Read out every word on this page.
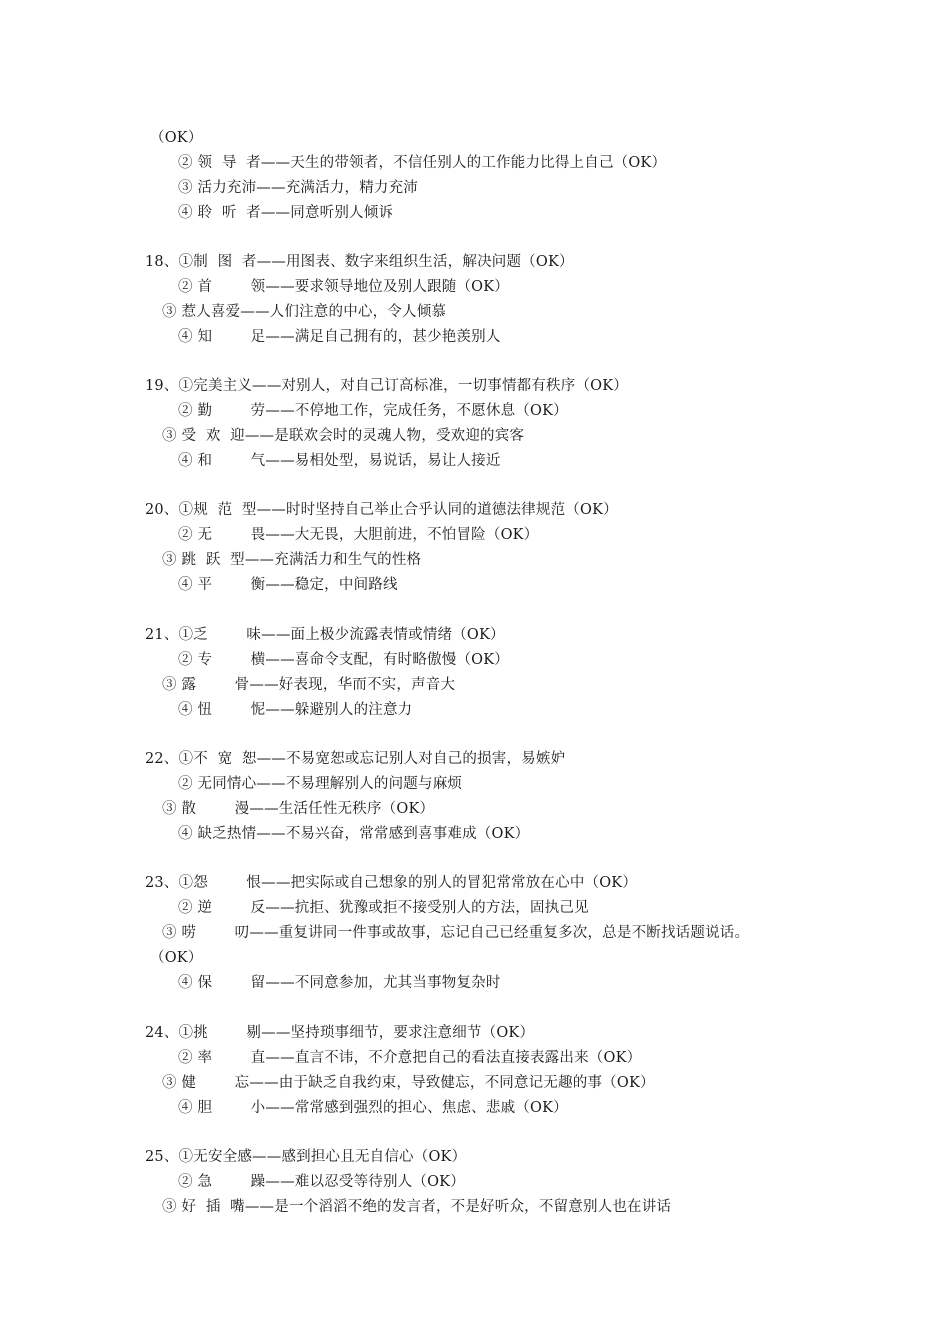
（OK）
② 领  导  者——天生的带领者，不信任别人的工作能力比得上自己（OK）
③ 活力充沛——充满活力，精力充沛
④ 聆  听  者——同意听别人倾诉
18、①制  图  者——用图表、数字来组织生活，解决问题（OK）
② 首        领——要求领导地位及别人跟随（OK）
③ 惹人喜爱——人们注意的中心，令人倾慕
④ 知        足——满足自己拥有的，甚少艳羡别人
19、①完美主义——对别人，对自己订高标准，一切事情都有秩序（OK）
② 勤        劳——不停地工作，完成任务，不愿休息（OK）
③ 受  欢  迎——是联欢会时的灵魂人物，受欢迎的宾客
④ 和        气——易相处型，易说话，易让人接近
20、①规  范  型——时时坚持自己举止合乎认同的道德法律规范（OK）
② 无        畏——大无畏，大胆前进，不怕冒险（OK）
③ 跳  跃  型——充满活力和生气的性格
④ 平        衡——稳定，中间路线
21、①乏        味——面上极少流露表情或情绪（OK）
② 专        横——喜命令支配，有时略傲慢（OK）
③ 露        骨——好表现，华而不实，声音大
④ 忸        怩——躲避别人的注意力
22、①不  宽  恕——不易宽恕或忘记别人对自己的损害，易嫉妒
② 无同情心——不易理解别人的问题与麻烦
③ 散        漫——生活任性无秩序（OK）
④ 缺乏热情——不易兴奋，常常感到喜事难成（OK）
23、①怨        恨——把实际或自己想象的别人的冒犯常常放在心中（OK）
② 逆        反——抗拒、犹豫或拒不接受别人的方法，固执己见
③ 唠        叨——重复讲同一件事或故事，忘记自己已经重复多次，总是不断找话题说话。
（OK）
④ 保        留——不同意参加，尤其当事物复杂时
24、①挑        剔——坚持琐事细节，要求注意细节（OK）
② 率        直——直言不讳，不介意把自己的看法直接表露出来（OK）
③ 健        忘——由于缺乏自我约束，导致健忘，不同意记无趣的事（OK）
④ 胆        小——常常感到强烈的担心、焦虑、悲戚（OK）
25、①无安全感——感到担心且无自信心（OK）
② 急        躁——难以忍受等待别人（OK）
③ 好  插  嘴——是一个滔滔不绝的发言者，不是好听众，不留意别人也在讲话
